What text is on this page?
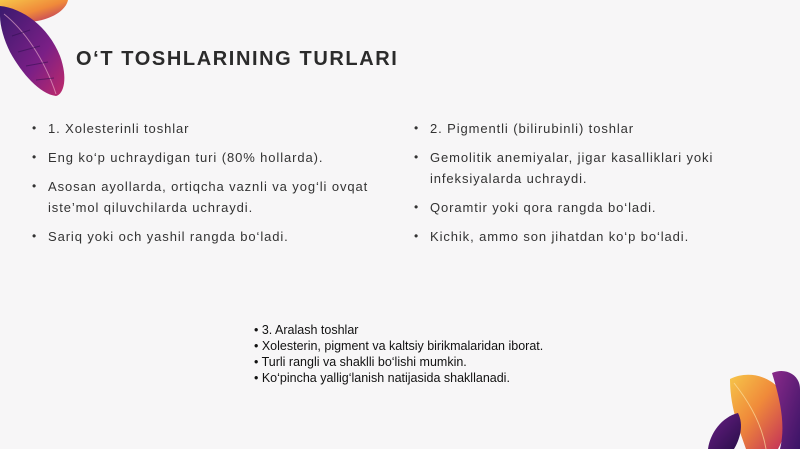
O‘T TOSHLARINING TURLARI
• 1. Xolesterinli toshlar
• Eng ko‘p uchraydigan turi (80% hollarda).
• Asosan ayollarda, ortiqcha vaznli va yog‘li ovqat iste’mol qiluvchilarda uchraydi.
• Sariq yoki och yashil rangda bo‘ladi.
• 2. Pigmentli (bilirubinli) toshlar
• Gemolitik anemiyalar, jigar kasalliklari yoki infeksiyalarda uchraydi.
• Qoramtir yoki qora rangda bo‘ladi.
• Kichik, ammo son jihatdan ko‘p bo‘ladi.
• 3. Aralash toshlar
• Xolesterin, pigment va kaltsiy birikmalaridan iborat.
• Turli rangli va shaklli bo‘lishi mumkin.
• Ko‘pincha yallig‘lanish natijasida shakllanadi.
